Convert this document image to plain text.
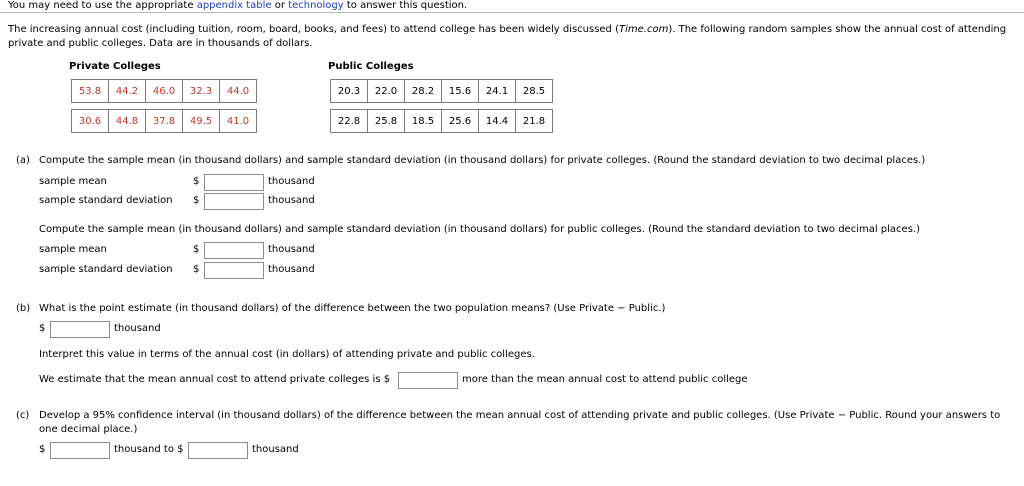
You may need to use the appropriate appendix table or technology to answer this question.
The increasing annual cost (including tuition, room, board, books, and fees) to attend college has been widely discussed (Time.com). The following random samples show the annual cost of attending
private and public colleges. Data are in thousands of dollars.
Private Colleges
53.8	44.2	46.0	32.3	44.0

30.6	44.8	37.8	49.5	41.0
Public Colleges
20.3	22.0	28.2	15.6	24.1	28.5

22.8	25.8	18.5	25.6	14.4	21.8
(a) Compute the sample mean (in thousand dollars) and sample standard deviation (in thousand dollars) for private colleges. (Round the standard deviation to two decimal places.)
sample mean	$	thousand
sample standard deviation $	thousand
Compute the sample mean (in thousand dollars) and sample standard deviation (in thousand dollars) for public colleges. (Round the standard deviation to two decimal places.)
sample mean	$	thousand
sample standard deviation $	thousand
(b) What is the point estimate (in thousand dollars) of the difference between the two population means? (Use Private − Public.)
$	thousand
Interpret this value in terms of the annual cost (in dollars) of attending private and public colleges.
We estimate that the mean annual cost to attend private colleges is $	more than the mean annual cost to attend public college
(c) Develop a 95% confidence interval (in thousand dollars) of the difference between the mean annual cost of attending private and public colleges. (Use Private − Public. Round your answers to
one decimal place.)
$	thousand to $	thousand
